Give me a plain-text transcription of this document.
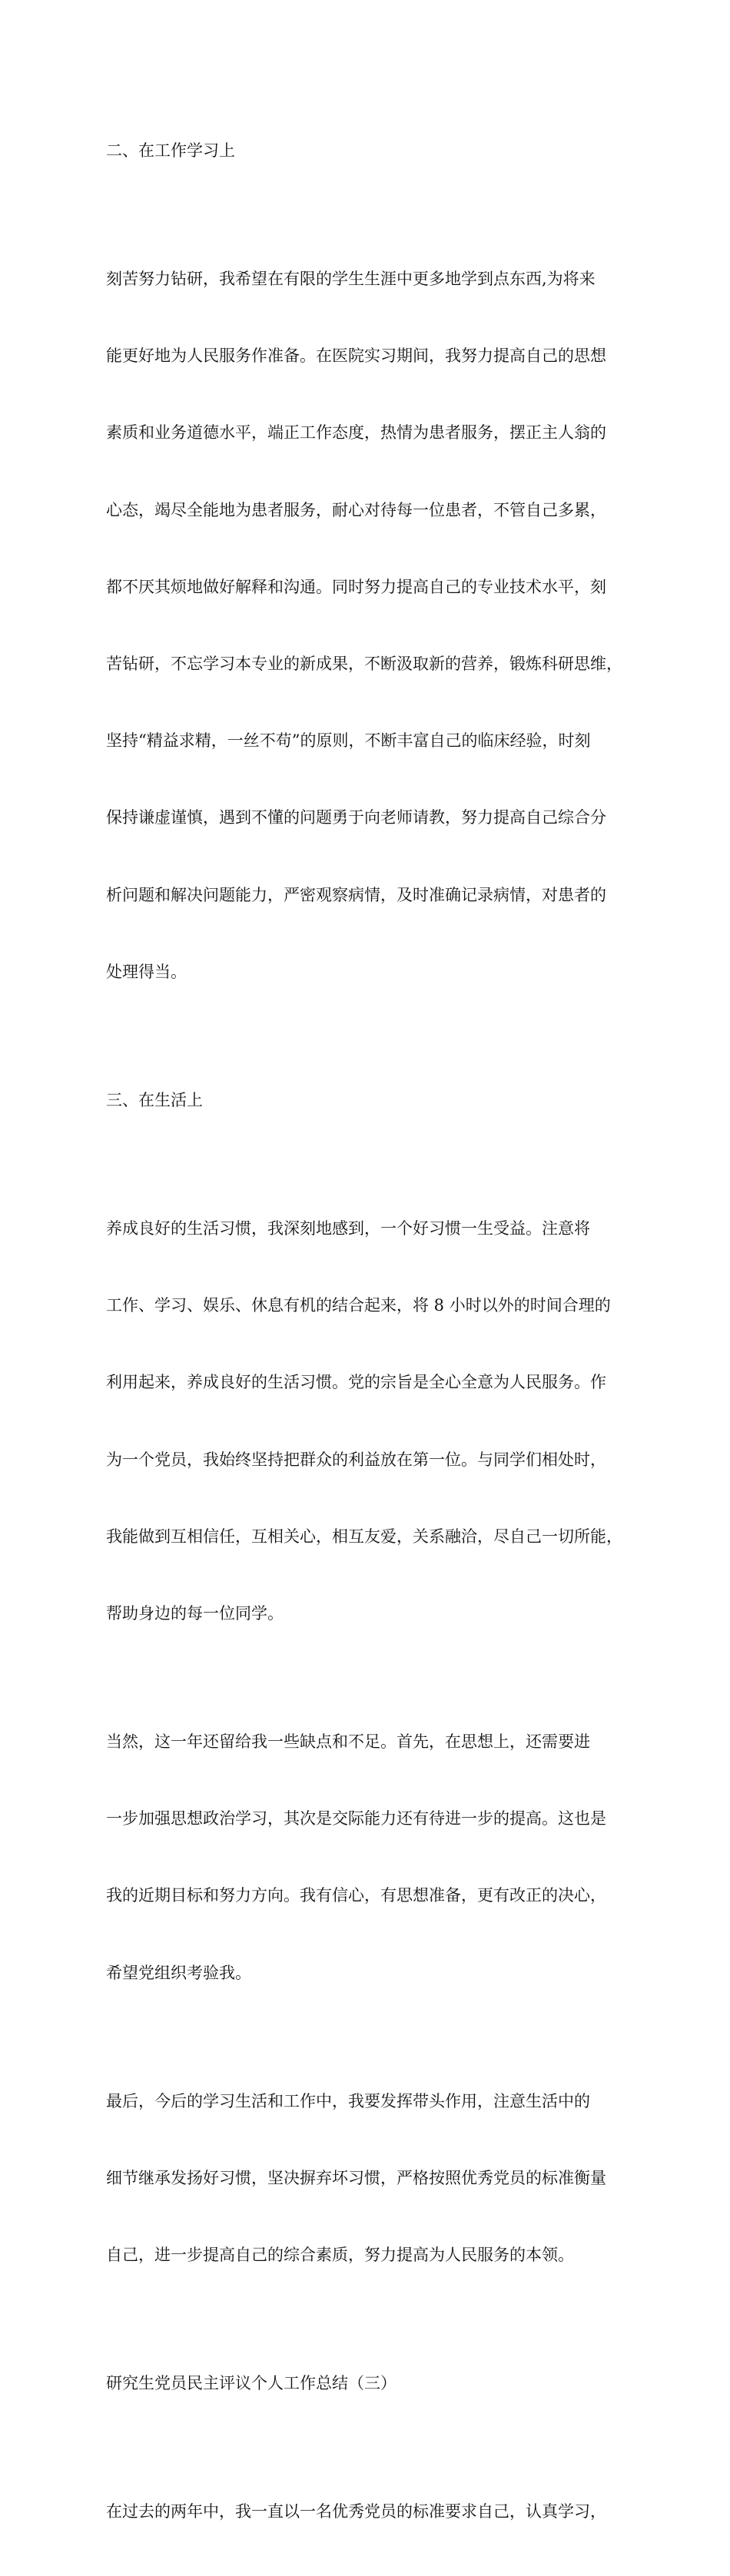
二、在工作学习上

刻苦努力钻研，我希望在有限的学生生涯中更多地学到点东西,为将来

能更好地为人民服务作准备。在医院实习期间，我努力提高自己的思想

素质和业务道德水平，端正工作态度，热情为患者服务，摆正主人翁的

心态，竭尽全能地为患者服务，耐心对待每一位患者，不管自己多累，

都不厌其烦地做好解释和沟通。同时努力提高自己的专业技术水平，刻

苦钻研，不忘学习本专业的新成果，不断汲取新的营养，锻炼科研思维，

坚持“精益求精，一丝不苟”的原则，不断丰富自己的临床经验，时刻

保持谦虚谨慎，遇到不懂的问题勇于向老师请教，努力提高自己综合分

析问题和解决问题能力，严密观察病情，及时准确记录病情，对患者的

处理得当。

三、在生活上

养成良好的生活习惯，我深刻地感到，一个好习惯一生受益。注意将

工作、学习、娱乐、休息有机的结合起来，将 8 小时以外的时间合理的

利用起来，养成良好的生活习惯。党的宗旨是全心全意为人民服务。作

为一个党员，我始终坚持把群众的利益放在第一位。与同学们相处时，

我能做到互相信任，互相关心，相互友爱，关系融洽，尽自己一切所能，

帮助身边的每一位同学。

当然，这一年还留给我一些缺点和不足。首先，在思想上，还需要进

一步加强思想政治学习，其次是交际能力还有待进一步的提高。这也是

我的近期目标和努力方向。我有信心，有思想准备，更有改正的决心，

希望党组织考验我。

最后，今后的学习生活和工作中，我要发挥带头作用，注意生活中的

细节继承发扬好习惯，坚决摒弃坏习惯，严格按照优秀党员的标准衡量

自己，进一步提高自己的综合素质，努力提高为人民服务的本领。

研究生党员民主评议个人工作总结（三）

在过去的两年中，我一直以一名优秀党员的标准要求自己，认真学习，
